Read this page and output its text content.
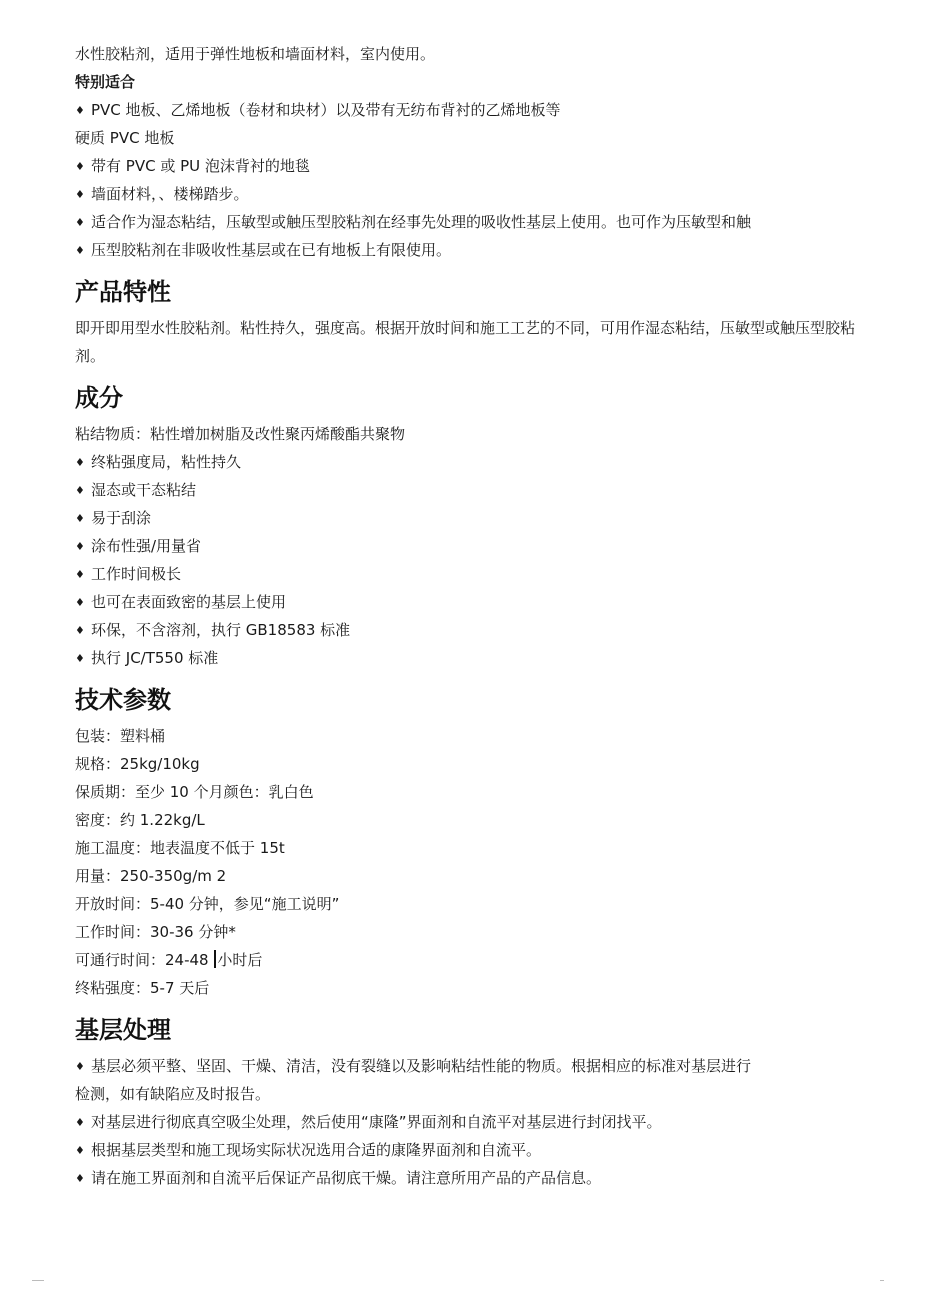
水性胶粘剂，适用于弹性地板和墙面材料，室内使用。
特别适合
♦ PVC 地板、乙烯地板（卷材和块材）以及带有无纺布背衬的乙烯地板等
硬质 PVC 地板
♦ 带有 PVC 或 PU 泡沫背衬的地毯
♦ 墙面材料，、楼梯踏步。
♦ 适合作为湿态粘结，压敏型或触压型胶粘剂在经事先处理的吸收性基层上使用。也可作为压敏型和触
♦ 压型胶粘剂在非吸收性基层或在已有地板上有限使用。
产品特性
即开即用型水性胶粘剂。粘性持久，强度高。根据开放时间和施工工艺的不同，可用作湿态粘结，压敏型或触压型胶粘剂。
成分
粘结物质：粘性增加树脂及改性聚丙烯酸酯共聚物
♦ 终粘强度局，粘性持久
♦ 湿态或干态粘结
♦ 易于刮涂
♦ 涂布性强/用量省
♦ 工作时间极长
♦ 也可在表面致密的基层上使用
♦ 环保，不含溶剂，执行 GB18583 标准
♦ 执行 JC/T550 标准
技术参数
包装：塑料桶
规格：25kg/10kg
保质期：至少 10 个月颜色：乳白色
密度：约 1.22kg/L
施工温度：地表温度不低于 15t
用量：250-350g/m 2
开放时间：5-40 分钟，参见“施工说明”
工作时间：30-36 分钟*
可通行时间：24-48 小时后
终粘强度：5-7 天后
基层处理
♦ 基层必须平整、坚固、干燥、清洁，没有裂缝以及影响粘结性能的物质。根据相应的标准对基层进行
检测，如有缺陷应及时报告。
♦ 对基层进行彻底真空吸尘处理，然后使用“康隆”界面剂和自流平对基层进行封闭找平。
♦ 根据基层类型和施工现场实际状况选用合适的康隆界面剂和自流平。
♦ 请在施工界面剂和自流平后保证产品彻底干燥。请注意所用产品的产品信息。
